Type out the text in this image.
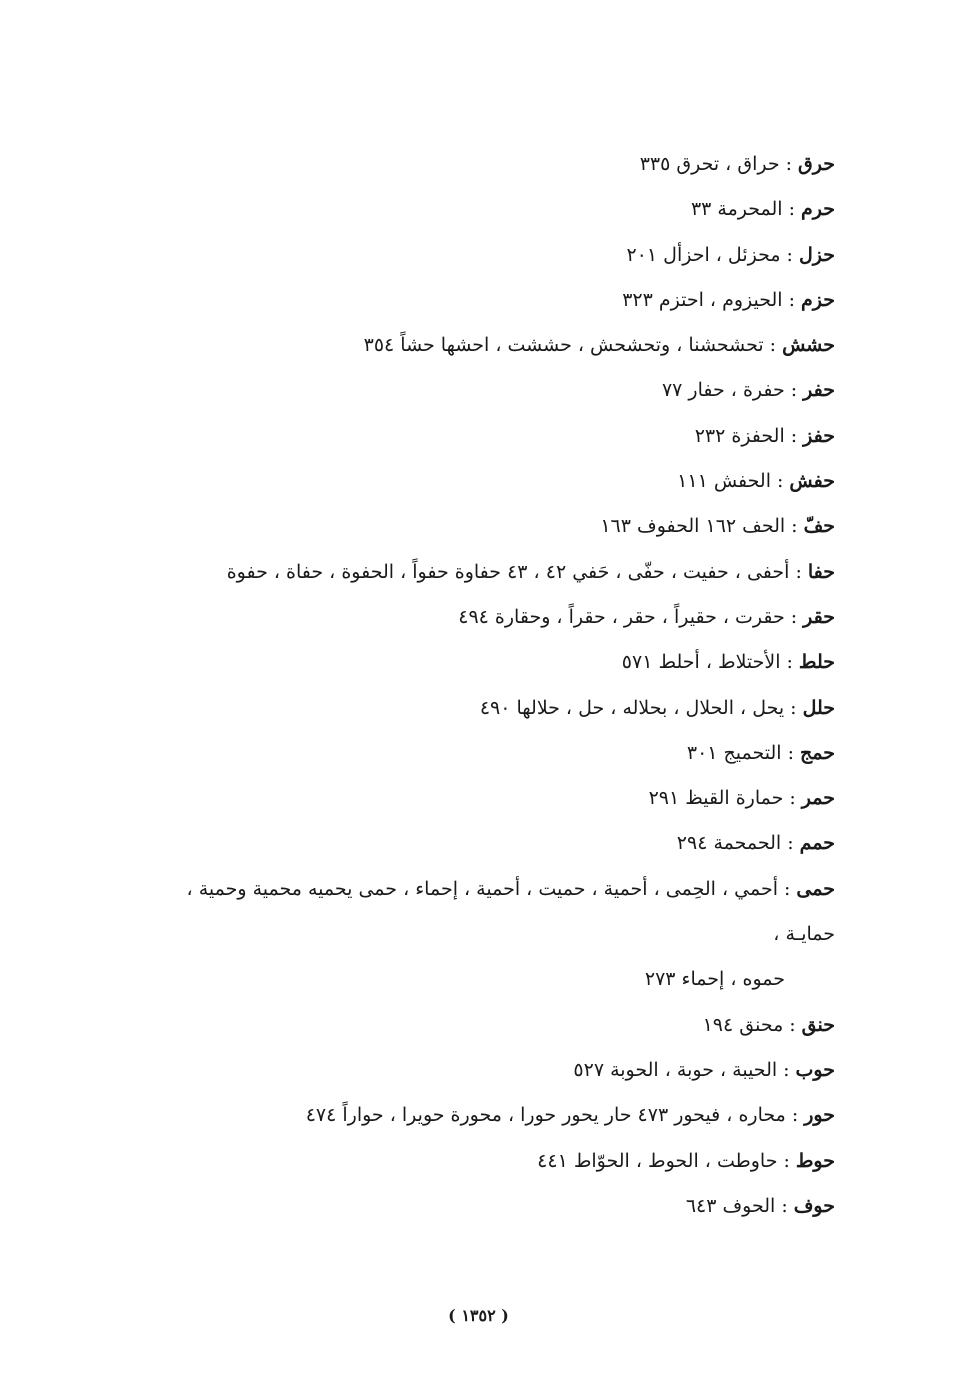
حرق:حراق ، تحرق ٣٣٥
حرم:المحرمة ٣٣
حزل:محزئل ، احزأل ٢٠١
حزم:الحيزوم ، احتزم ٣٢٣
حشش:تحشحشنا ، وتحشحش ، حششت ، احشها حشاً ٣٥٤
حفر:حفرة ، حفار ٧٧
حفز:الحفزة ٢٣٢
حفش:الحفش ١١١
حفّ:الحف ١٦٢ الحفوف ١٦٣
حفا:أحفى ، حفيت ، حفّى ، حَفي ٤٢ ، ٤٣ حفاوة حفواً ، الحفوة ، حفاة ، حفوة
حقر:حقرت ، حقيراً ، حقر ، حقراً ، وحقارة ٤٩٤
حلط:الأحتلاط ، أحلط ٥٧١
حلل:يحل ، الحلال ، بحلاله ، حل ، حلالها ٤٩٠
حمج:التحميج ٣٠١
حمر:حمارة القيظ ٢٩١
حمم:الحمحمة ٢٩٤
حمى:أحمي ، الحِمى ، أحمية ، حميت ، أحمية ، إحماء ، حمى يحميه محمية وحمية ، حمايـة ،
حموه ، إحماء ٢٧٣
حنق:محنق ١٩٤
حوب:الحيبة ، حوبة ، الحوبة ٥٢٧
حور:محاره ، فيحور ٤٧٣ حار يحور حورا ، محورة حويرا ، حواراً ٤٧٤
حوط:حاوطت ، الحوط ، الحوّاط ٤٤١
حوف:الحوف ٦٤٣
( ١٣٥٢ )
